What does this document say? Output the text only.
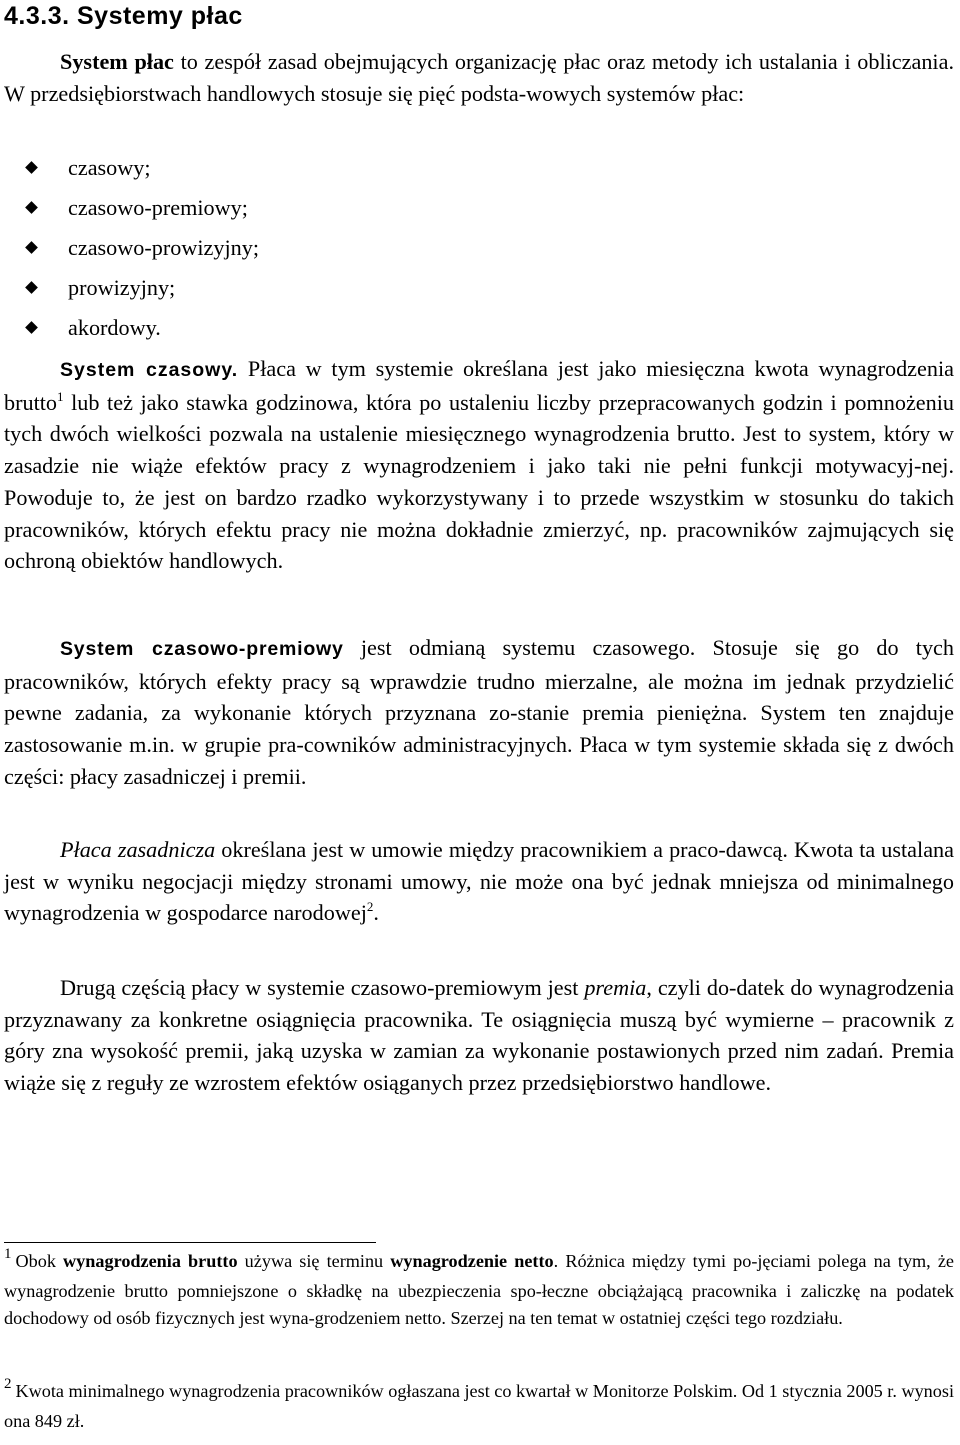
4.3.3. Systemy płac

System płac to zespół zasad obejmujących organizację płac oraz metody ich ustalania i obliczania. W przedsiębiorstwach handlowych stosuje się pięć podsta-wowych systemów płac:

czasowy;
czasowo-premiowy;
czasowo-prowizyjny;
prowizyjny;
akordowy.

System czasowy. Płaca w tym systemie określana jest jako miesięczna kwota wynagrodzenia brutto$^1$ lub też jako stawka godzinowa, która po ustaleniu liczby przepracowanych godzin i pomnożeniu tych dwóch wielkości pozwala na ustalenie miesięcznego wynagrodzenia brutto. Jest to system, który w zasadzie nie wiąże efektów pracy z wynagrodzeniem i jako taki nie pełni funkcji motywacyj-nej. Powoduje to, że jest on bardzo rzadko wykorzystywany i to przede wszystkim w stosunku do takich pracowników, których efektu pracy nie można dokładnie zmierzyć, np. pracowników zajmujących się ochroną obiektów handlowych.

System czasowo-premiowy jest odmianą systemu czasowego. Stosuje się go do tych pracowników, których efekty pracy są wprawdzie trudno mierzalne, ale można im jednak przydzielić pewne zadania, za wykonanie których przyznana zo-stanie premia pieniężna. System ten znajduje zastosowanie m.in. w grupie pra-cowników administracyjnych. Płaca w tym systemie składa się z dwóch części: płacy zasadniczej i premii.

Płaca zasadnicza określana jest w umowie między pracownikiem a praco-dawcą. Kwota ta ustalana jest w wyniku negocjacji między stronami umowy, nie może ona być jednak mniejsza od minimalnego wynagrodzenia w gospodarce narodowej$^2$.

Drugą częścią płacy w systemie czasowo-premiowym jest premia, czyli do-datek do wynagrodzenia przyznawany za konkretne osiągnięcia pracownika. Te osiągnięcia muszą być wymierne – pracownik z góry zna wysokość premii, jaką uzyska w zamian za wykonanie postawionych przed nim zadań. Premia wiąże się z reguły ze wzrostem efektów osiąganych przez przedsiębiorstwo handlowe.

$^1$ Obok wynagrodzenia brutto używa się terminu wynagrodzenie netto. Różnica między tymi po-jęciami polega na tym, że wynagrodzenie brutto pomniejszone o składkę na ubezpieczenia spo-łeczne obciążającą pracownika i zaliczkę na podatek dochodowy od osób fizycznych jest wyna-grodzeniem netto. Szerzej na ten temat w ostatniej części tego rozdziału.

$^2$ Kwota minimalnego wynagrodzenia pracowników ogłaszana jest co kwartał w Monitorze Polskim. Od 1 stycznia 2005 r. wynosi ona 849 zł.
